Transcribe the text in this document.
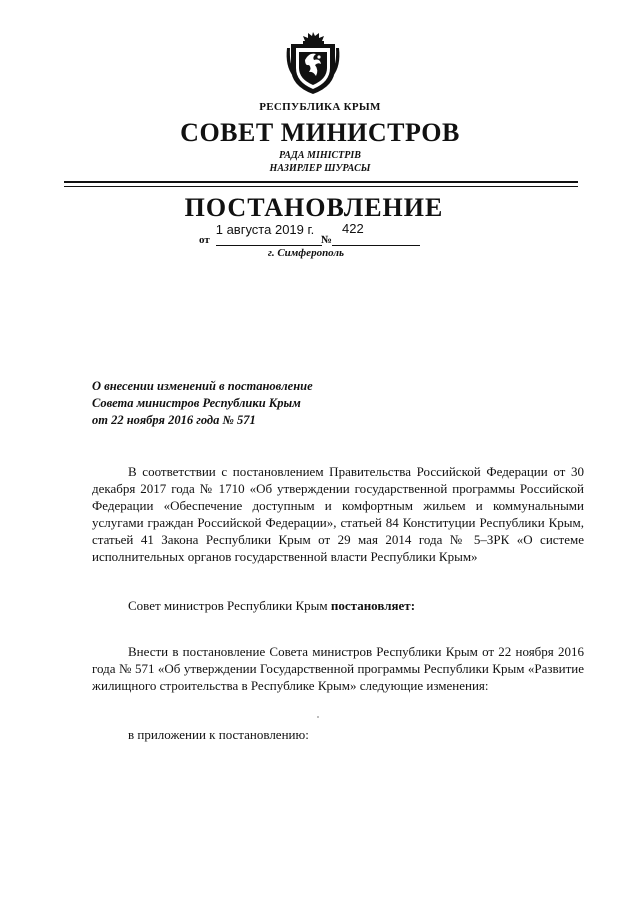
РЕСПУБЛИКА КРЫМ
СОВЕТ МИНИСТРОВ
РАДА МІНІСТРІВ
НАЗИРЛЕР ШУРАСЫ
ПОСТАНОВЛЕНИЕ
от
1 августа 2019 г.
№
422
г. Симферополь
О внесении изменений в постановление
Совета министров Республики Крым
от 22 ноября 2016 года № 571
В соответствии с постановлением Правительства Российской Федерации от 30 декабря 2017 года № 1710 «Об утверждении государственной программы Российской Федерации «Обеспечение доступным и комфортным жильем и коммунальными услугами граждан Российской Федерации», статьей 84 Конституции Республики Крым, статьей 41 Закона Республики Крым от 29 мая 2014 года № 5–ЗРК «О системе исполнительных органов государственной власти Республики Крым»
Совет министров Республики Крым постановляет:
Внести в постановление Совета министров Республики Крым от 22 ноября 2016 года № 571 «Об утверждении Государственной программы Республики Крым «Развитие жилищного строительства в Республике Крым» следующие изменения:
в приложении к постановлению:
